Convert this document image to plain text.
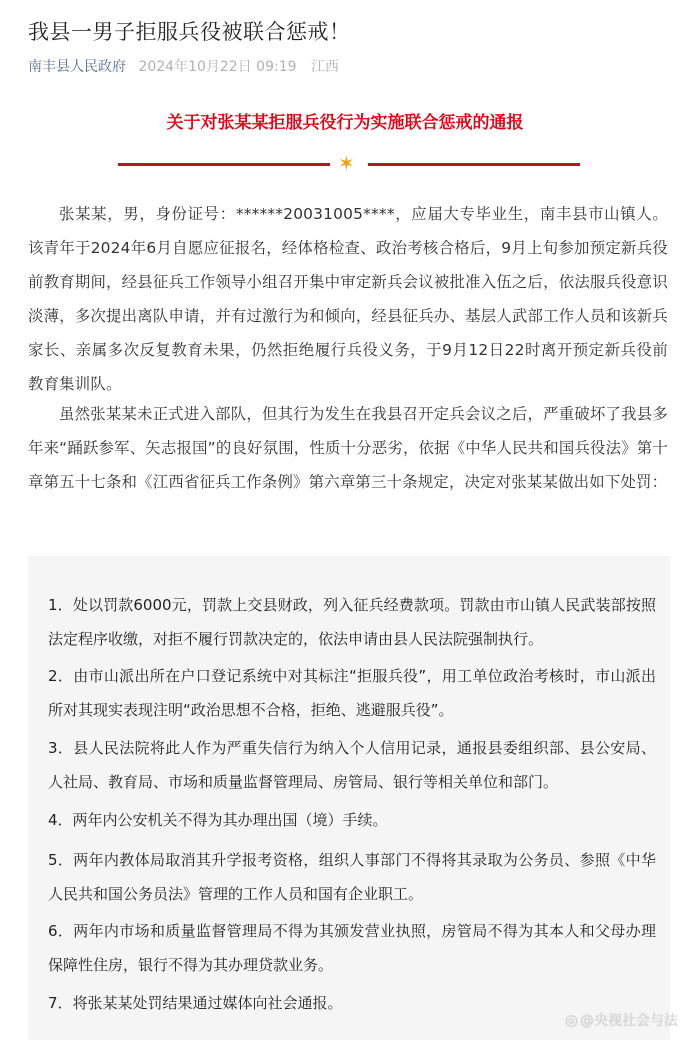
我县一男子拒服兵役被联合惩戒！
南丰县人民政府 2024年10月22日 09:19 江西
关于对张某某拒服兵役行为实施联合惩戒的通报
✶

张某某，男，身份证号：******20031005****，应届大专毕业生，南丰县市山镇人。该青年于2024年6月自愿应征报名，经体格检查、政治考核合格后，9月上旬参加预定新兵役前教育期间，经县征兵工作领导小组召开集中审定新兵会议被批准入伍之后，依法服兵役意识淡薄，多次提出离队申请，并有过激行为和倾向，经县征兵办、基层人武部工作人员和该新兵家长、亲属多次反复教育未果，仍然拒绝履行兵役义务，于9月12日22时离开预定新兵役前教育集训队。

虽然张某某未正式进入部队，但其行为发生在我县召开定兵会议之后，严重破坏了我县多年来“踊跃参军、矢志报国”的良好氛围，性质十分恶劣，依据《中华人民共和国兵役法》第十章第五十七条和《江西省征兵工作条例》第六章第三十条规定，决定对张某某做出如下处罚：

1．处以罚款6000元，罚款上交县财政，列入征兵经费款项。罚款由市山镇人民武装部按照法定程序收缴，对拒不履行罚款决定的，依法申请由县人民法院强制执行。

2．由市山派出所在户口登记系统中对其标注“拒服兵役”，用工单位政治考核时，市山派出所对其现实表现注明“政治思想不合格，拒绝、逃避服兵役”。

3．县人民法院将此人作为严重失信行为纳入个人信用记录，通报县委组织部、县公安局、人社局、教育局、市场和质量监督管理局、房管局、银行等相关单位和部门。

4．两年内公安机关不得为其办理出国（境）手续。

5．两年内教体局取消其升学报考资格，组织人事部门不得将其录取为公务员、参照《中华人民共和国公务员法》管理的工作人员和国有企业职工。

6．两年内市场和质量监督管理局不得为其颁发营业执照，房管局不得为其本人和父母办理保障性住房，银行不得为其办理贷款业务。

7．将张某某处罚结果通过媒体向社会通报。

◎ @央视社会与法
